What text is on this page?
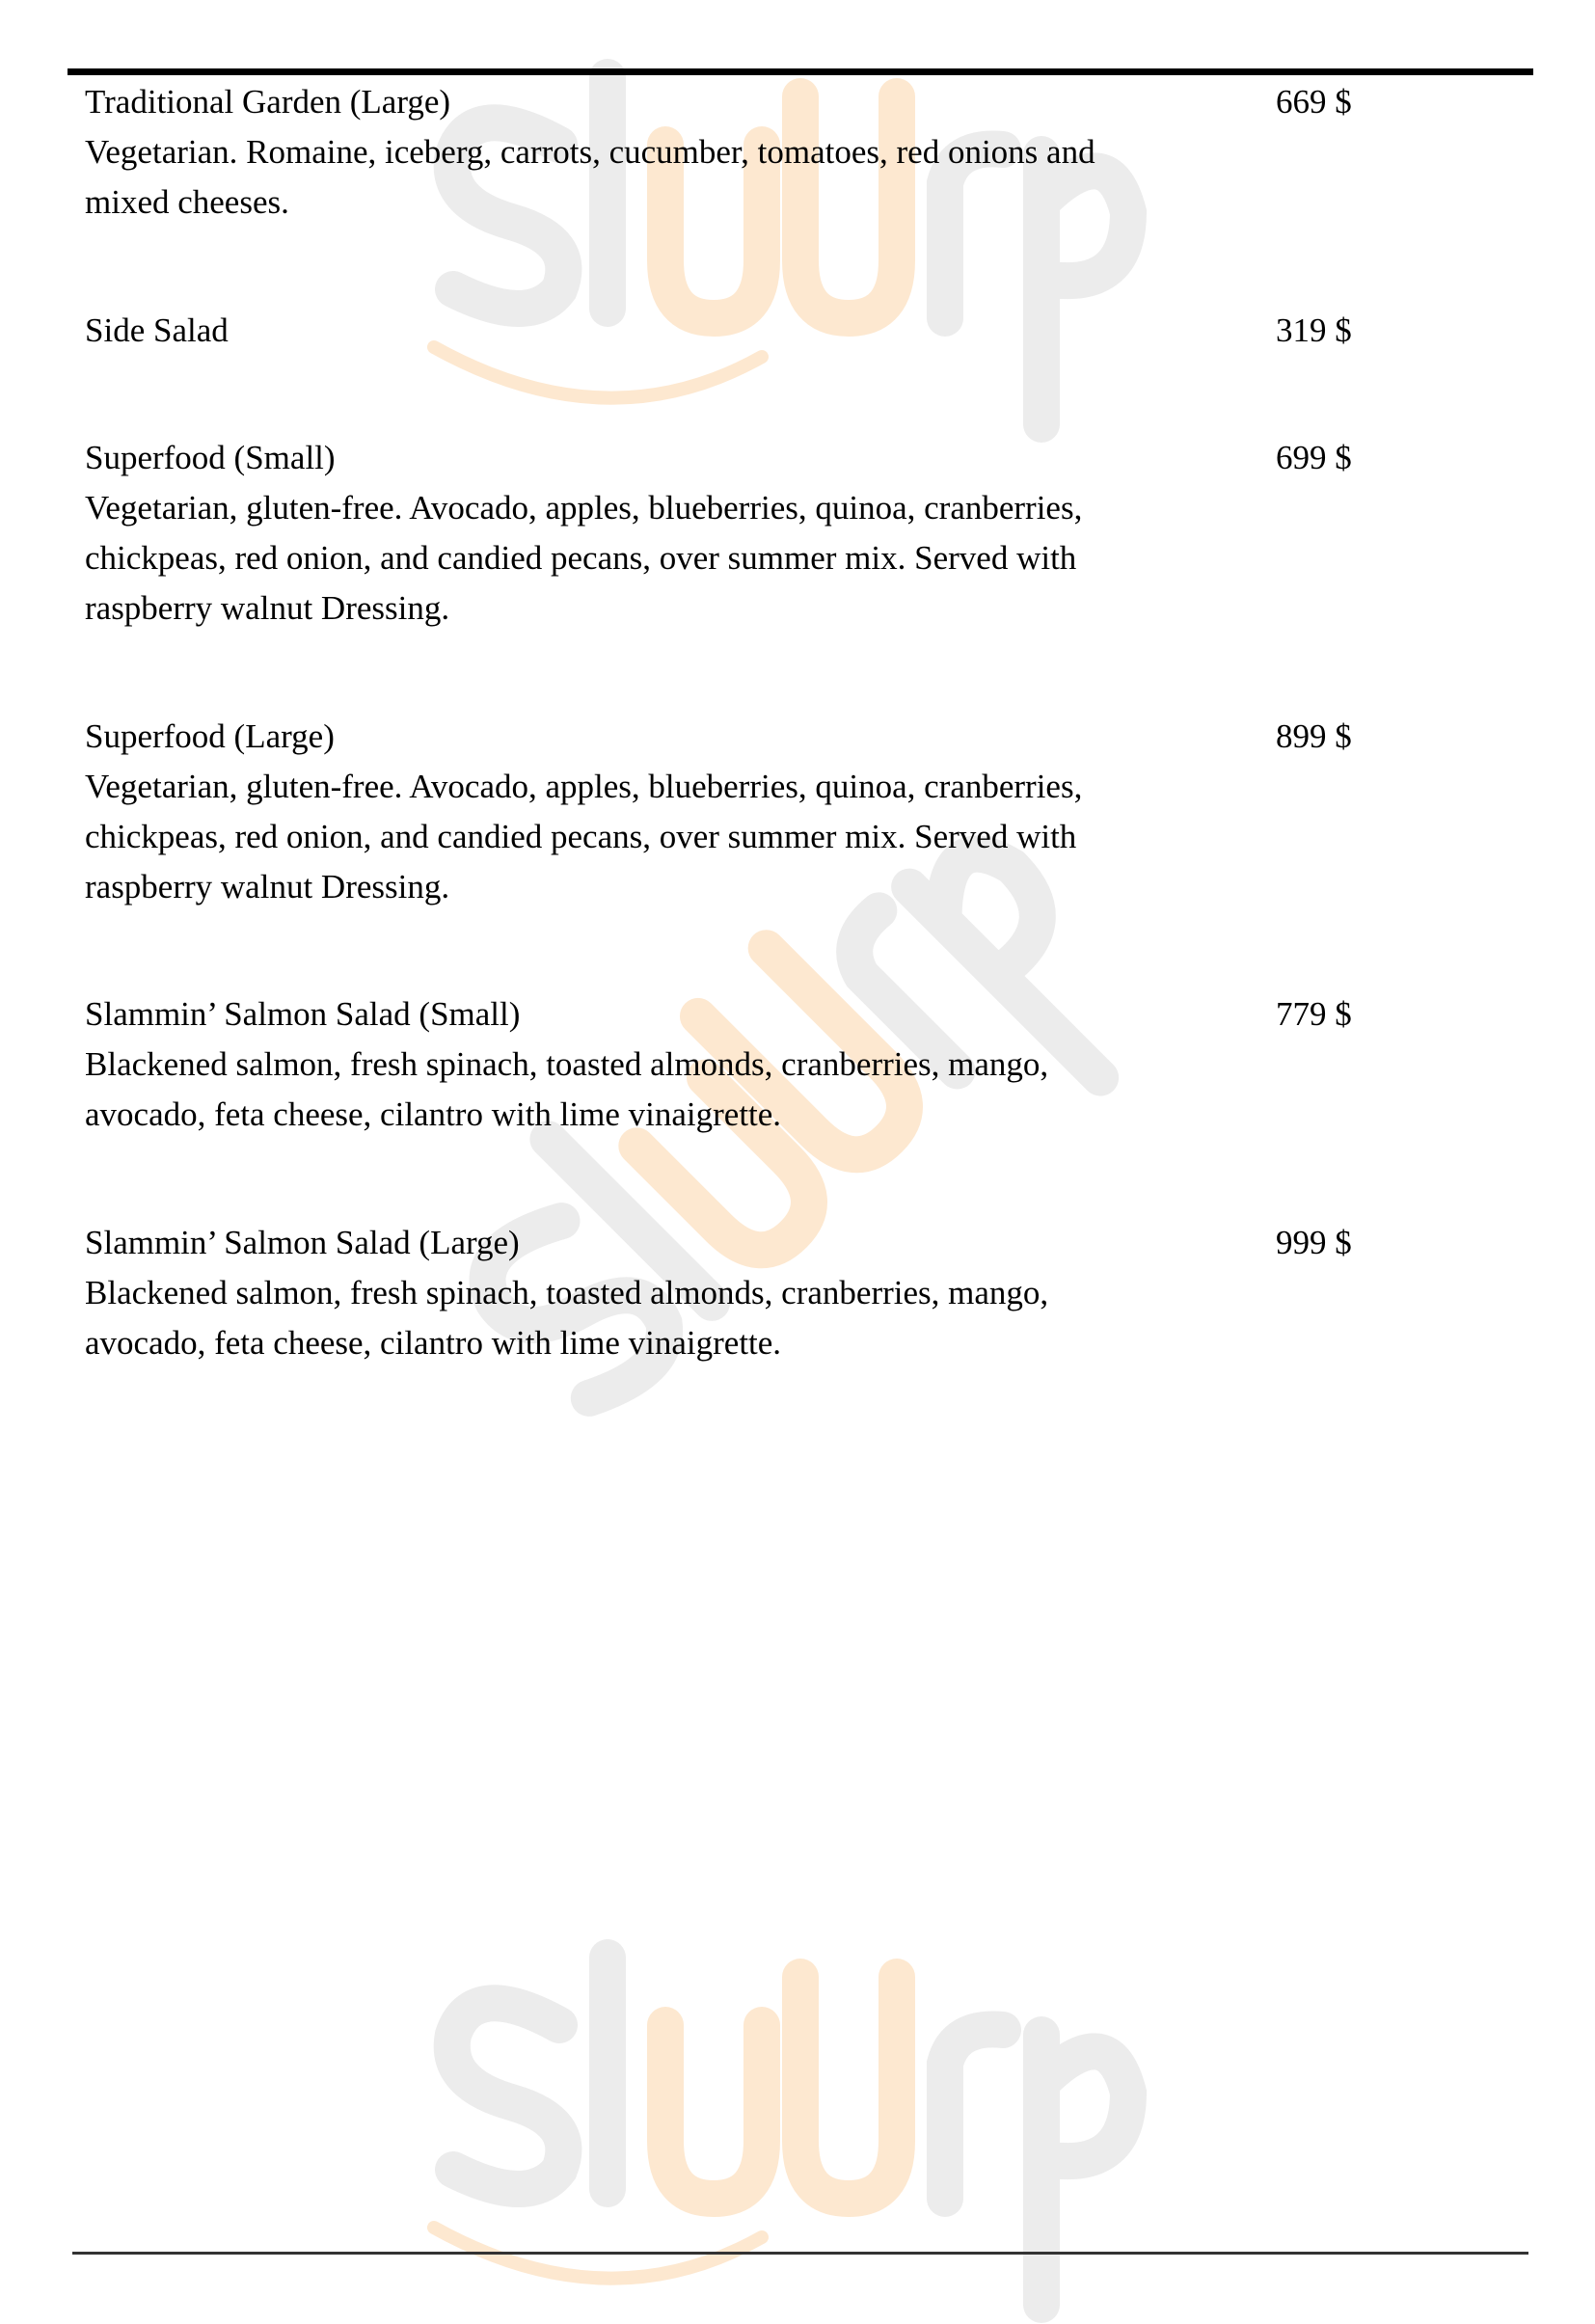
Traditional Garden (Large)
Vegetarian. Romaine, iceberg, carrots, cucumber, tomatoes, red onions and mixed cheeses.
669 $
Side Salad	319 $
Superfood (Small)
Vegetarian, gluten-free. Avocado, apples, blueberries, quinoa, cranberries, chickpeas, red onion, and candied pecans, over summer mix. Served with raspberry walnut Dressing.
699 $
Superfood (Large)
Vegetarian, gluten-free. Avocado, apples, blueberries, quinoa, cranberries, chickpeas, red onion, and candied pecans, over summer mix. Served with raspberry walnut Dressing.
899 $
Slammin’ Salmon Salad (Small)
Blackened salmon, fresh spinach, toasted almonds, cranberries, mango, avocado, feta cheese, cilantro with lime vinaigrette.
779 $
Slammin’ Salmon Salad (Large)
Blackened salmon, fresh spinach, toasted almonds, cranberries, mango, avocado, feta cheese, cilantro with lime vinaigrette.
999 $
